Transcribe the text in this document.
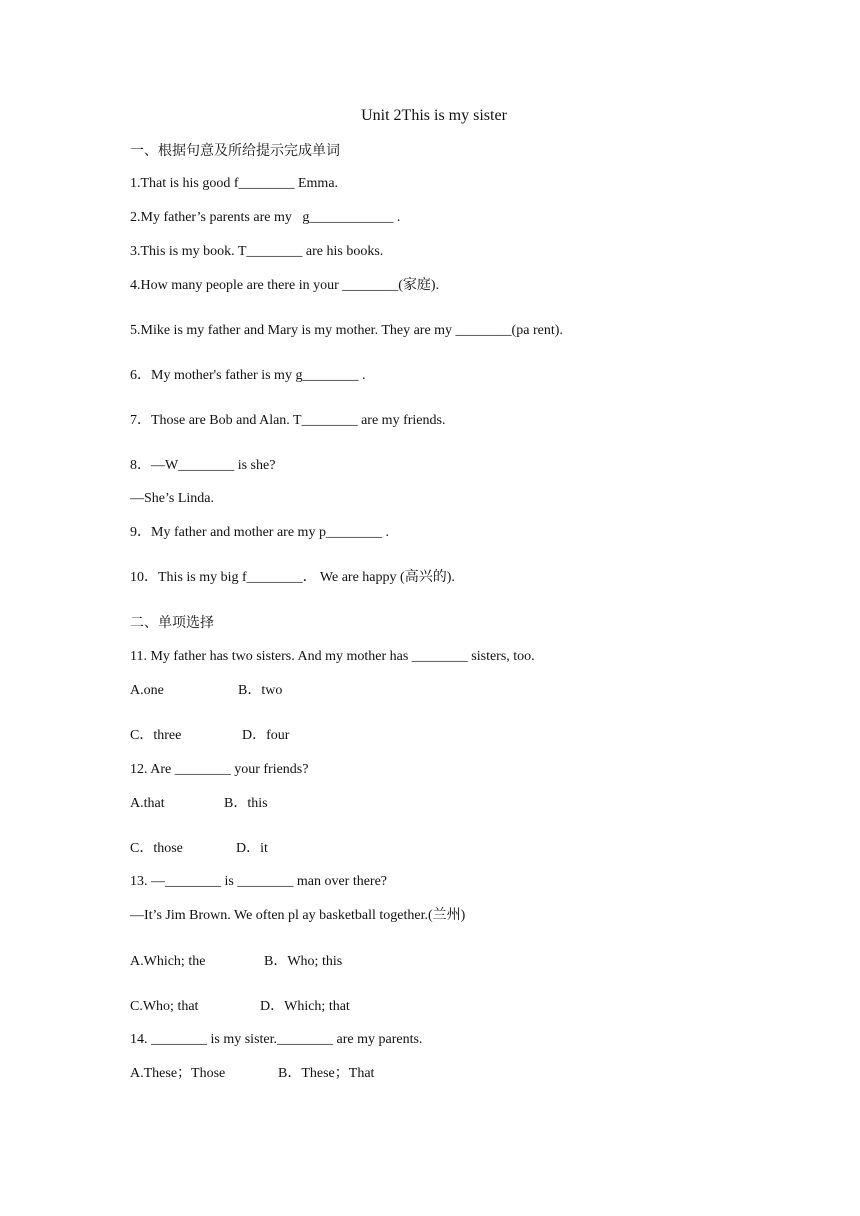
Unit 2This is my sister
一、根据句意及所给提示完成单词
1.That is his good f________ Emma.
2.My father’s parents are my   g____________ .
3.This is my book. T________ are his books.
4.How many people are there in your ________(家庭).
5.Mike is my father and Mary is my mother. They are my ________(pa rent).
6．My mother's father is my g________ .
7．Those are Bob and Alan. T________ are my friends.
8．—W________ is she?
—She’s Linda.
9．My father and mother are my p________ .
10．This is my big f________． We are happy (高兴的).
二、单项选择
11. My father has two sisters. And my mother has ________ sisters, too.
A.one	B．two
C．three	D．four
12. Are ________ your friends?
A.that	B．this
C．those	D．it
13. —________ is ________ man over there?
—It’s Jim Brown. We often pl ay basketball together.(兰州)
A.Which; the	B．Who; this
C.Who; that	D．Which; that
14. ________ is my sister.________ are my parents.
A.These；Those	B．These；That
